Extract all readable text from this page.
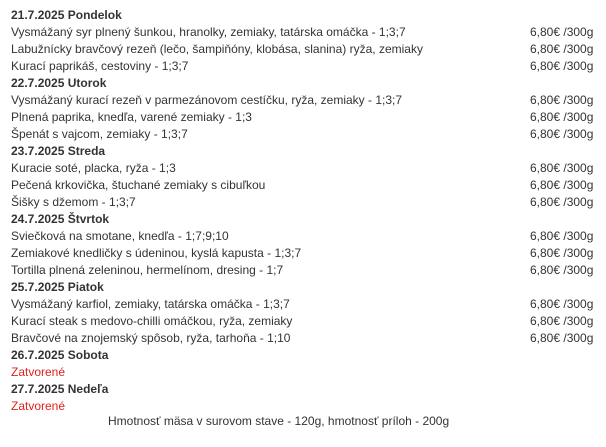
21.7.2025 Pondelok
Vysmážaný syr plnený šunkou, hranolky, zemiaky, tatárska omáčka - 1;3;7	6,80€ /300g
Labužnícky bravčový rezeň (lečo, šampiňóny, klobása, slanina) ryža, zemiaky	6,80€ /300g
Kurací paprikáš, cestoviny - 1;3;7	6,80€ /300g
22.7.2025 Utorok
Vysmážaný kurací rezeň v parmezánovom cestíčku, ryža, zemiaky - 1;3;7	6,80€ /300g
Plnená paprika, knedľa, varené zemiaky - 1;3	6,80€ /300g
Špenát s vajcom, zemiaky - 1;3;7	6,80€ /300g
23.7.2025 Streda
Kuracie soté, placka, ryža - 1;3	6,80€ /300g
Pečená krkovička, štuchané zemiaky s cibuľkou	6,80€ /300g
Šišky s džemom - 1;3;7	6,80€ /300g
24.7.2025 Štvrtok
Sviečková na smotane, knedľa - 1;7;9;10	6,80€ /300g
Zemiakové knedličky s údeninou, kyslá kapusta - 1;3;7	6,80€ /300g
Tortilla plnená zeleninou, hermelínom, dresing - 1;7	6,80€ /300g
25.7.2025 Piatok
Vysmážaný karfiol, zemiaky, tatárska omáčka - 1;3;7	6,80€ /300g
Kurací steak s medovo-chilli omáčkou, ryža, zemiaky	6,80€ /300g
Bravčové na znojemský spôsob, ryža, tarhoňa - 1;10	6,80€ /300g
26.7.2025 Sobota
Zatvorené
27.7.2025 Nedeľa
Zatvorené
Hmotnosť mäsa v surovom stave - 120g, hmotnosť príloh - 200g
